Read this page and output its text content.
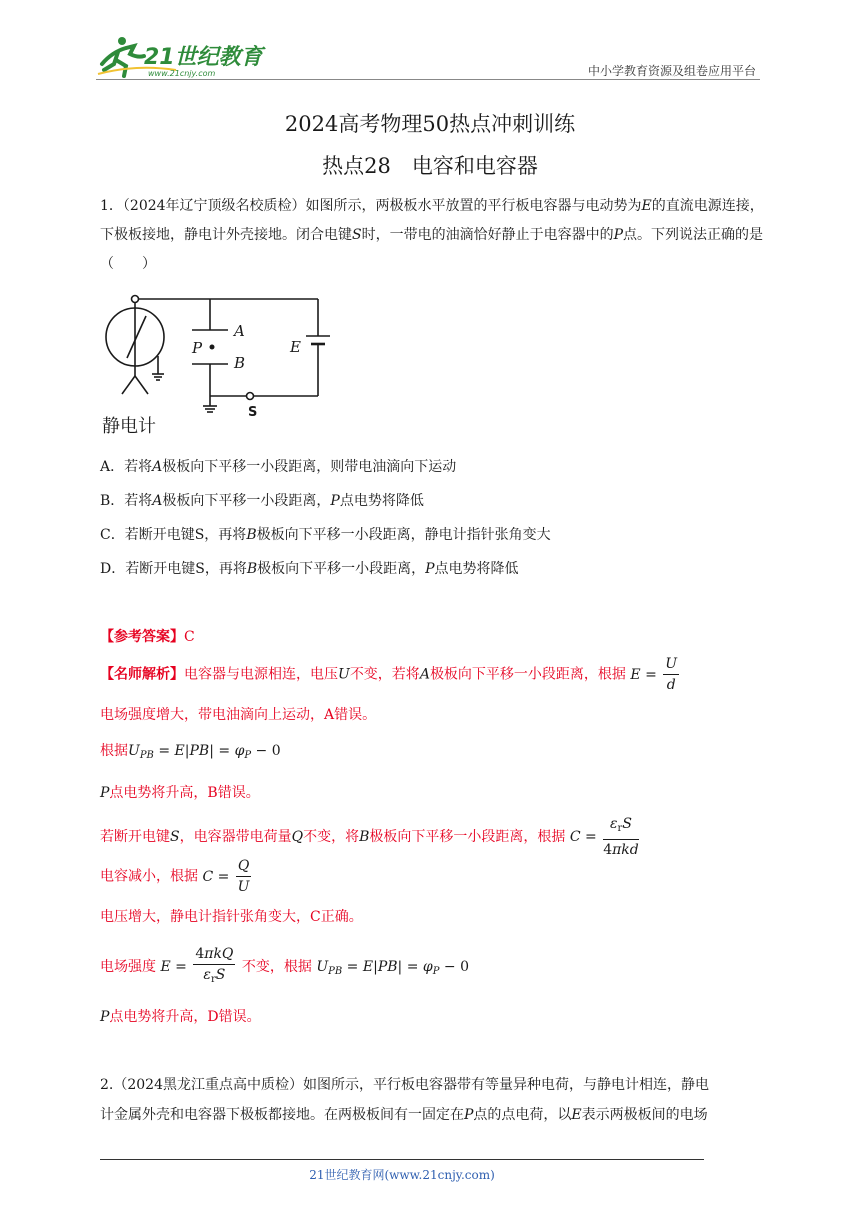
21世纪教育
www.21cnjy.com	中小学教育资源及组卷应用平台
2024高考物理50热点冲刺训练
热点28　电容和电容器
1．（2024年辽宁顶级名校质检）如图所示，两极板水平放置的平行板电容器与电动势为E的直流电源连接，下极板接地，静电计外壳接地。闭合电键S时，一带电的油滴恰好静止于电容器中的P点。下列说法正确的是（　　）
A
P
B
E
S
静电计
A．若将A极板向下平移一小段距离，则带电油滴向下运动
B．若将A极板向下平移一小段距离，P点电势将降低
C．若断开电键S，再将B极板向下平移一小段距离，静电计指针张角变大
D．若断开电键S，再将B极板向下平移一小段距离，P点电势将降低
【参考答案】C
【名师解析】电容器与电源相连，电压U不变，若将A极板向下平移一小段距离，根据 $E = \frac{U}{d}$
电场强度增大，带电油滴向上运动，A错误。
根据$U_{PB} = E|PB| = \varphi_P - 0$
P点电势将升高，B错误。
若断开电键S，电容器带电荷量Q不变，将B极板向下平移一小段距离，根据 $C = \frac{\varepsilon_rS}{\text{4πkd}}$
电容减小，根据 $C = \frac{Q}{U}$
电压增大，静电计指针张角变大，C正确。
电场强度 $E = \frac{\text{4πkQ}}{\varepsilon_rS}$ 不变，根据 $U_{PB} = E|PB| = \varphi_P - 0$
P点电势将升高，D错误。
2.（2024黑龙江重点高中质检）如图所示，平行板电容器带有等量异种电荷，与静电计相连，静电
计金属外壳和电容器下极板都接地。在两极板间有一固定在P点的点电荷，以E表示两极板间的电场
21世纪教育网(www.21cnjy.com)
